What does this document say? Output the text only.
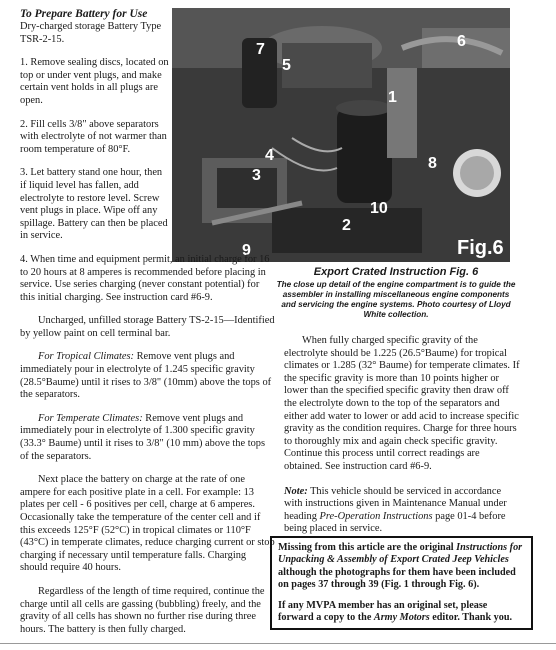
1
2
3
4
5
6
7
8
9
10
Fig.6

To Prepare Battery for Use

Dry-charged storage Battery Type TSR-2-15.

1. Remove sealing discs, located on top or under vent plugs, and make certain vent holds in all plugs are open.

2. Fill cells 3/8" above separators with electrolyte of not warmer than room temperature of 80°F.

3. Let battery stand one hour, then if liquid level has fallen, add electrolyte to restore level. Screw vent plugs in place. Wipe off any spillage. Battery can then be placed in service.

4. When time and equipment permit, an initial charge for 16 to 20 hours at 8 amperes is recommended before placing in service. Use series charging (never constant potential) for this initial charging. See instruction card #6-9.

Uncharged, unfilled storage Battery TS-2-15—Identified by yellow paint on cell terminal bar.

For Tropical Climates: Remove vent plugs and immediately pour in electrolyte of 1.245 specific gravity (28.5°Baume) until it rises to 3/8" (10mm) above the tops of the separators.

For Temperate Climates: Remove vent plugs and immediately pour in electrolyte of 1.300 specific gravity (33.3° Baume) until it rises to 3/8" (10 mm) above the tops of the separators.

Next place the battery on charge at the rate of one ampere for each positive plate in a cell. For example: 13 plates per cell - 6 positives per cell, charge at 6 amperes. Occasionally take the temperature of the center cell and if this exceeds 125°F (52°C) in tropical climates or 110°F (43°C) in temperate climates, reduce charging current or stop charging if necessary until temperature falls. Charging should require 40 hours.

Regardless of the length of time required, continue the charge until all cells are gassing (bubbling) freely, and the gravity of all cells has shown no further rise during three hours. The battery is then fully charged.

Export Crated Instruction Fig. 6

The close up detail of the engine compartment is to guide the assembler in installing miscellaneous engine components and servicing the engine systems. Photo courtesy of Lloyd White collection.

When fully charged specific gravity of the electrolyte should be 1.225 (26.5°Baume) for tropical climates or 1.285 (32° Baume) for temperate climates. If the specific gravity is more than 10 points higher or lower than the specified specific gravity then draw off the electrolyte down to the top of the separators and either add water to lower or add acid to increase specific gravity as the condition requires. Charge for three hours to thoroughly mix and again check specific gravity. Continue this process until correct readings are obtained. See instruction card #6-9.

Note: This vehicle should be serviced in accordance with instructions given in Maintenance Manual under heading Pre-Operation Instructions page 01-4 before being placed in service.

Missing from this article are the original Instructions for Unpacking & Assembly of Export Crated Jeep Vehicles although the photographs for them have been included on pages 37 through 39 (Fig. 1 through Fig. 6).

If any MVPA member has an original set, please forward a copy to the Army Motors editor. Thank you.
